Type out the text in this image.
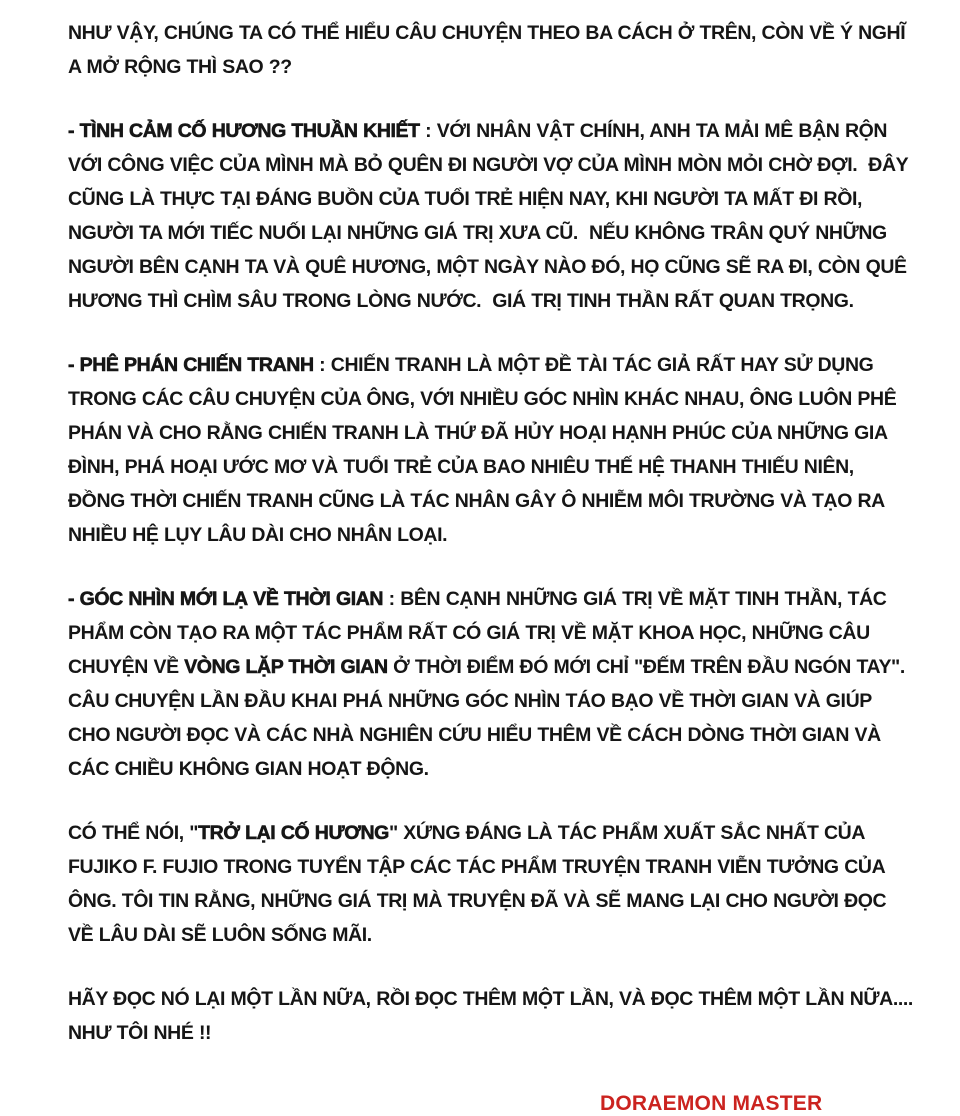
NHƯ VẬY, CHÚNG TA CÓ THỂ HIỂU CÂU CHUYỆN THEO BA CÁCH Ở TRÊN, CÒN VỀ Ý NGHĨ A MỞ RỘNG THÌ SAO ??

- TÌNH CẢM CỐ HƯƠNG THUẦN KHIẾT : VỚI NHÂN VẬT CHÍNH, ANH TA MẢI MÊ BẬN RỘN VỚI CÔNG VIỆC CỦA MÌNH MÀ BỎ QUÊN ĐI NGƯỜI VỢ CỦA MÌNH MÒN MỎI CHỜ ĐỢI.  ĐÂY CŨNG LÀ THỰC TẠI ĐÁNG BUỒN CỦA TUỔI TRẺ HIỆN NAY, KHI NGƯỜI TA MẤT ĐI RỒI, NGƯỜI TA MỚI TIẾC NUỐI LẠI NHỮNG GIÁ TRỊ XƯA CŨ.  NẾU KHÔNG TRÂN QUÝ NHỮNG NGƯỜI BÊN CẠNH TA VÀ QUÊ HƯƠNG, MỘT NGÀY NÀO ĐÓ, HỌ CŨNG SẼ RA ĐI, CÒN QUÊ HƯƠNG THÌ CHÌM SÂU TRONG LÒNG NƯỚC.  GIÁ TRỊ TINH THẦN RẤT QUAN TRỌNG.

- PHÊ PHÁN CHIẾN TRANH : CHIẾN TRANH LÀ MỘT ĐỀ TÀI TÁC GIẢ RẤT HAY SỬ DỤNG TRONG CÁC CÂU CHUYỆN CỦA ÔNG, VỚI NHIỀU GÓC NHÌN KHÁC NHAU, ÔNG LUÔN PHÊ PHÁN VÀ CHO RẰNG CHIẾN TRANH LÀ THỨ ĐÃ HỦY HOẠI HẠNH PHÚC CỦA NHỮNG GIA ĐÌNH, PHÁ HOẠI ƯỚC MƠ VÀ TUỔI TRẺ CỦA BAO NHIÊU THẾ HỆ THANH THIẾU NIÊN, ĐỒNG THỜI CHIẾN TRANH CŨNG LÀ TÁC NHÂN GÂY Ô NHIỄM MÔI TRƯỜNG VÀ TẠO RA NHIỀU HỆ LỤY LÂU DÀI CHO NHÂN LOẠI.

- GÓC NHÌN MỚI LẠ VỀ THỜI GIAN : BÊN CẠNH NHỮNG GIÁ TRỊ VỀ MẶT TINH THẦN, TÁC PHẨM CÒN TẠO RA MỘT TÁC PHẨM RẤT CÓ GIÁ TRỊ VỀ MẶT KHOA HỌC, NHỮNG CÂU CHUYỆN VỀ VÒNG LẶP THỜI GIAN Ở THỜI ĐIỂM ĐÓ MỚI CHỈ "ĐẾM TRÊN ĐẦU NGÓN TAY". CÂU CHUYỆN LẦN ĐẦU KHAI PHÁ NHỮNG GÓC NHÌN TÁO BẠO VỀ THỜI GIAN VÀ GIÚP CHO NGƯỜI ĐỌC VÀ CÁC NHÀ NGHIÊN CỨU HIỂU THÊM VỀ CÁCH DÒNG THỜI GIAN VÀ CÁC CHIỀU KHÔNG GIAN HOẠT ĐỘNG.

CÓ THỂ NÓI, "TRỞ LẠI CỐ HƯƠNG" XỨNG ĐÁNG LÀ TÁC PHẨM XUẤT SẮC NHẤT CỦA FUJIKO F. FUJIO TRONG TUYỂN TẬP CÁC TÁC PHẨM TRUYỆN TRANH VIỄN TƯỞNG CỦA ÔNG. TÔI TIN RẰNG, NHỮNG GIÁ TRỊ MÀ TRUYỆN ĐÃ VÀ SẼ MANG LẠI CHO NGƯỜI ĐỌC VỀ LÂU DÀI SẼ LUÔN SỐNG MÃI.

HÃY ĐỌC NÓ LẠI MỘT LẦN NỮA, RỒI ĐỌC THÊM MỘT LẦN, VÀ ĐỌC THÊM MỘT LẦN NỮA.... NHƯ TÔI NHÉ !!

DORAEMON MASTER
